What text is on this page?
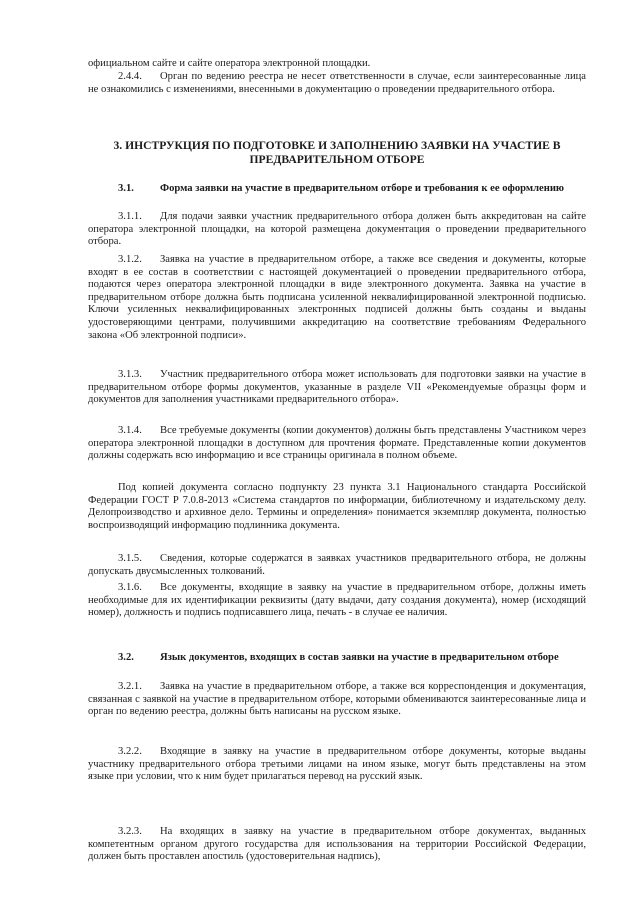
официальном сайте и сайте оператора электронной площадки.
2.4.4. Орган по ведению реестра не несет ответственности в случае, если заинтересованные лица не ознакомились с изменениями, внесенными в документацию о проведении предварительного отбора.
3. ИНСТРУКЦИЯ ПО ПОДГОТОВКЕ И ЗАПОЛНЕНИЮ ЗАЯВКИ НА УЧАСТИЕ В
ПРЕДВАРИТЕЛЬНОМ ОТБОРЕ
3.1. Форма заявки на участие в предварительном отборе и требования к ее оформлению
3.1.1. Для подачи заявки участник предварительного отбора должен быть аккредитован на сайте оператора электронной площадки, на которой размещена документация о проведении предварительного отбора.
3.1.2. Заявка на участие в предварительном отборе, а также все сведения и документы, которые входят в ее состав в соответствии с настоящей документацией о проведении предварительного отбора, подаются через оператора электронной площадки в виде электронного документа. Заявка на участие в предварительном отборе должна быть подписана усиленной неквалифицированной электронной подписью. Ключи усиленных неквалифицированных электронных подписей должны быть созданы и выданы удостоверяющими центрами, получившими аккредитацию на соответствие требованиям Федерального закона «Об электронной подписи».
3.1.3. Участник предварительного отбора может использовать для подготовки заявки на участие в предварительном отборе формы документов, указанные в разделе VII «Рекомендуемые образцы форм и документов для заполнения участниками предварительного отбора».
3.1.4. Все требуемые документы (копии документов) должны быть представлены Участником через оператора электронной площадки в доступном для прочтения формате. Представленные копии документов должны содержать всю информацию и все страницы оригинала в полном объеме.
Под копией документа согласно подпункту 23 пункта 3.1 Национального стандарта Российской Федерации ГОСТ Р 7.0.8-2013 «Система стандартов по информации, библиотечному и издательскому делу. Делопроизводство и архивное дело. Термины и определения» понимается экземпляр документа, полностью воспроизводящий информацию подлинника документа.
3.1.5. Сведения, которые содержатся в заявках участников предварительного отбора, не должны допускать двусмысленных толкований.
3.1.6. Все документы, входящие в заявку на участие в предварительном отборе, должны иметь необходимые для их идентификации реквизиты (дату выдачи, дату создания документа), номер (исходящий номер), должность и подпись подписавшего лица, печать - в случае ее наличия.
3.2. Язык документов, входящих в состав заявки на участие в предварительном отборе
3.2.1. Заявка на участие в предварительном отборе, а также вся корреспонденция и документация, связанная с заявкой на участие в предварительном отборе, которыми обмениваются заинтересованные лица и орган по ведению реестра, должны быть написаны на русском языке.
3.2.2. Входящие в заявку на участие в предварительном отборе документы, которые выданы участнику предварительного отбора третьими лицами на ином языке, могут быть представлены на этом языке при условии, что к ним будет прилагаться перевод на русский язык.
3.2.3. На входящих в заявку на участие в предварительном отборе документах, выданных компетентным органом другого государства для использования на территории Российской Федерации, должен быть проставлен апостиль (удостоверительная надпись),
